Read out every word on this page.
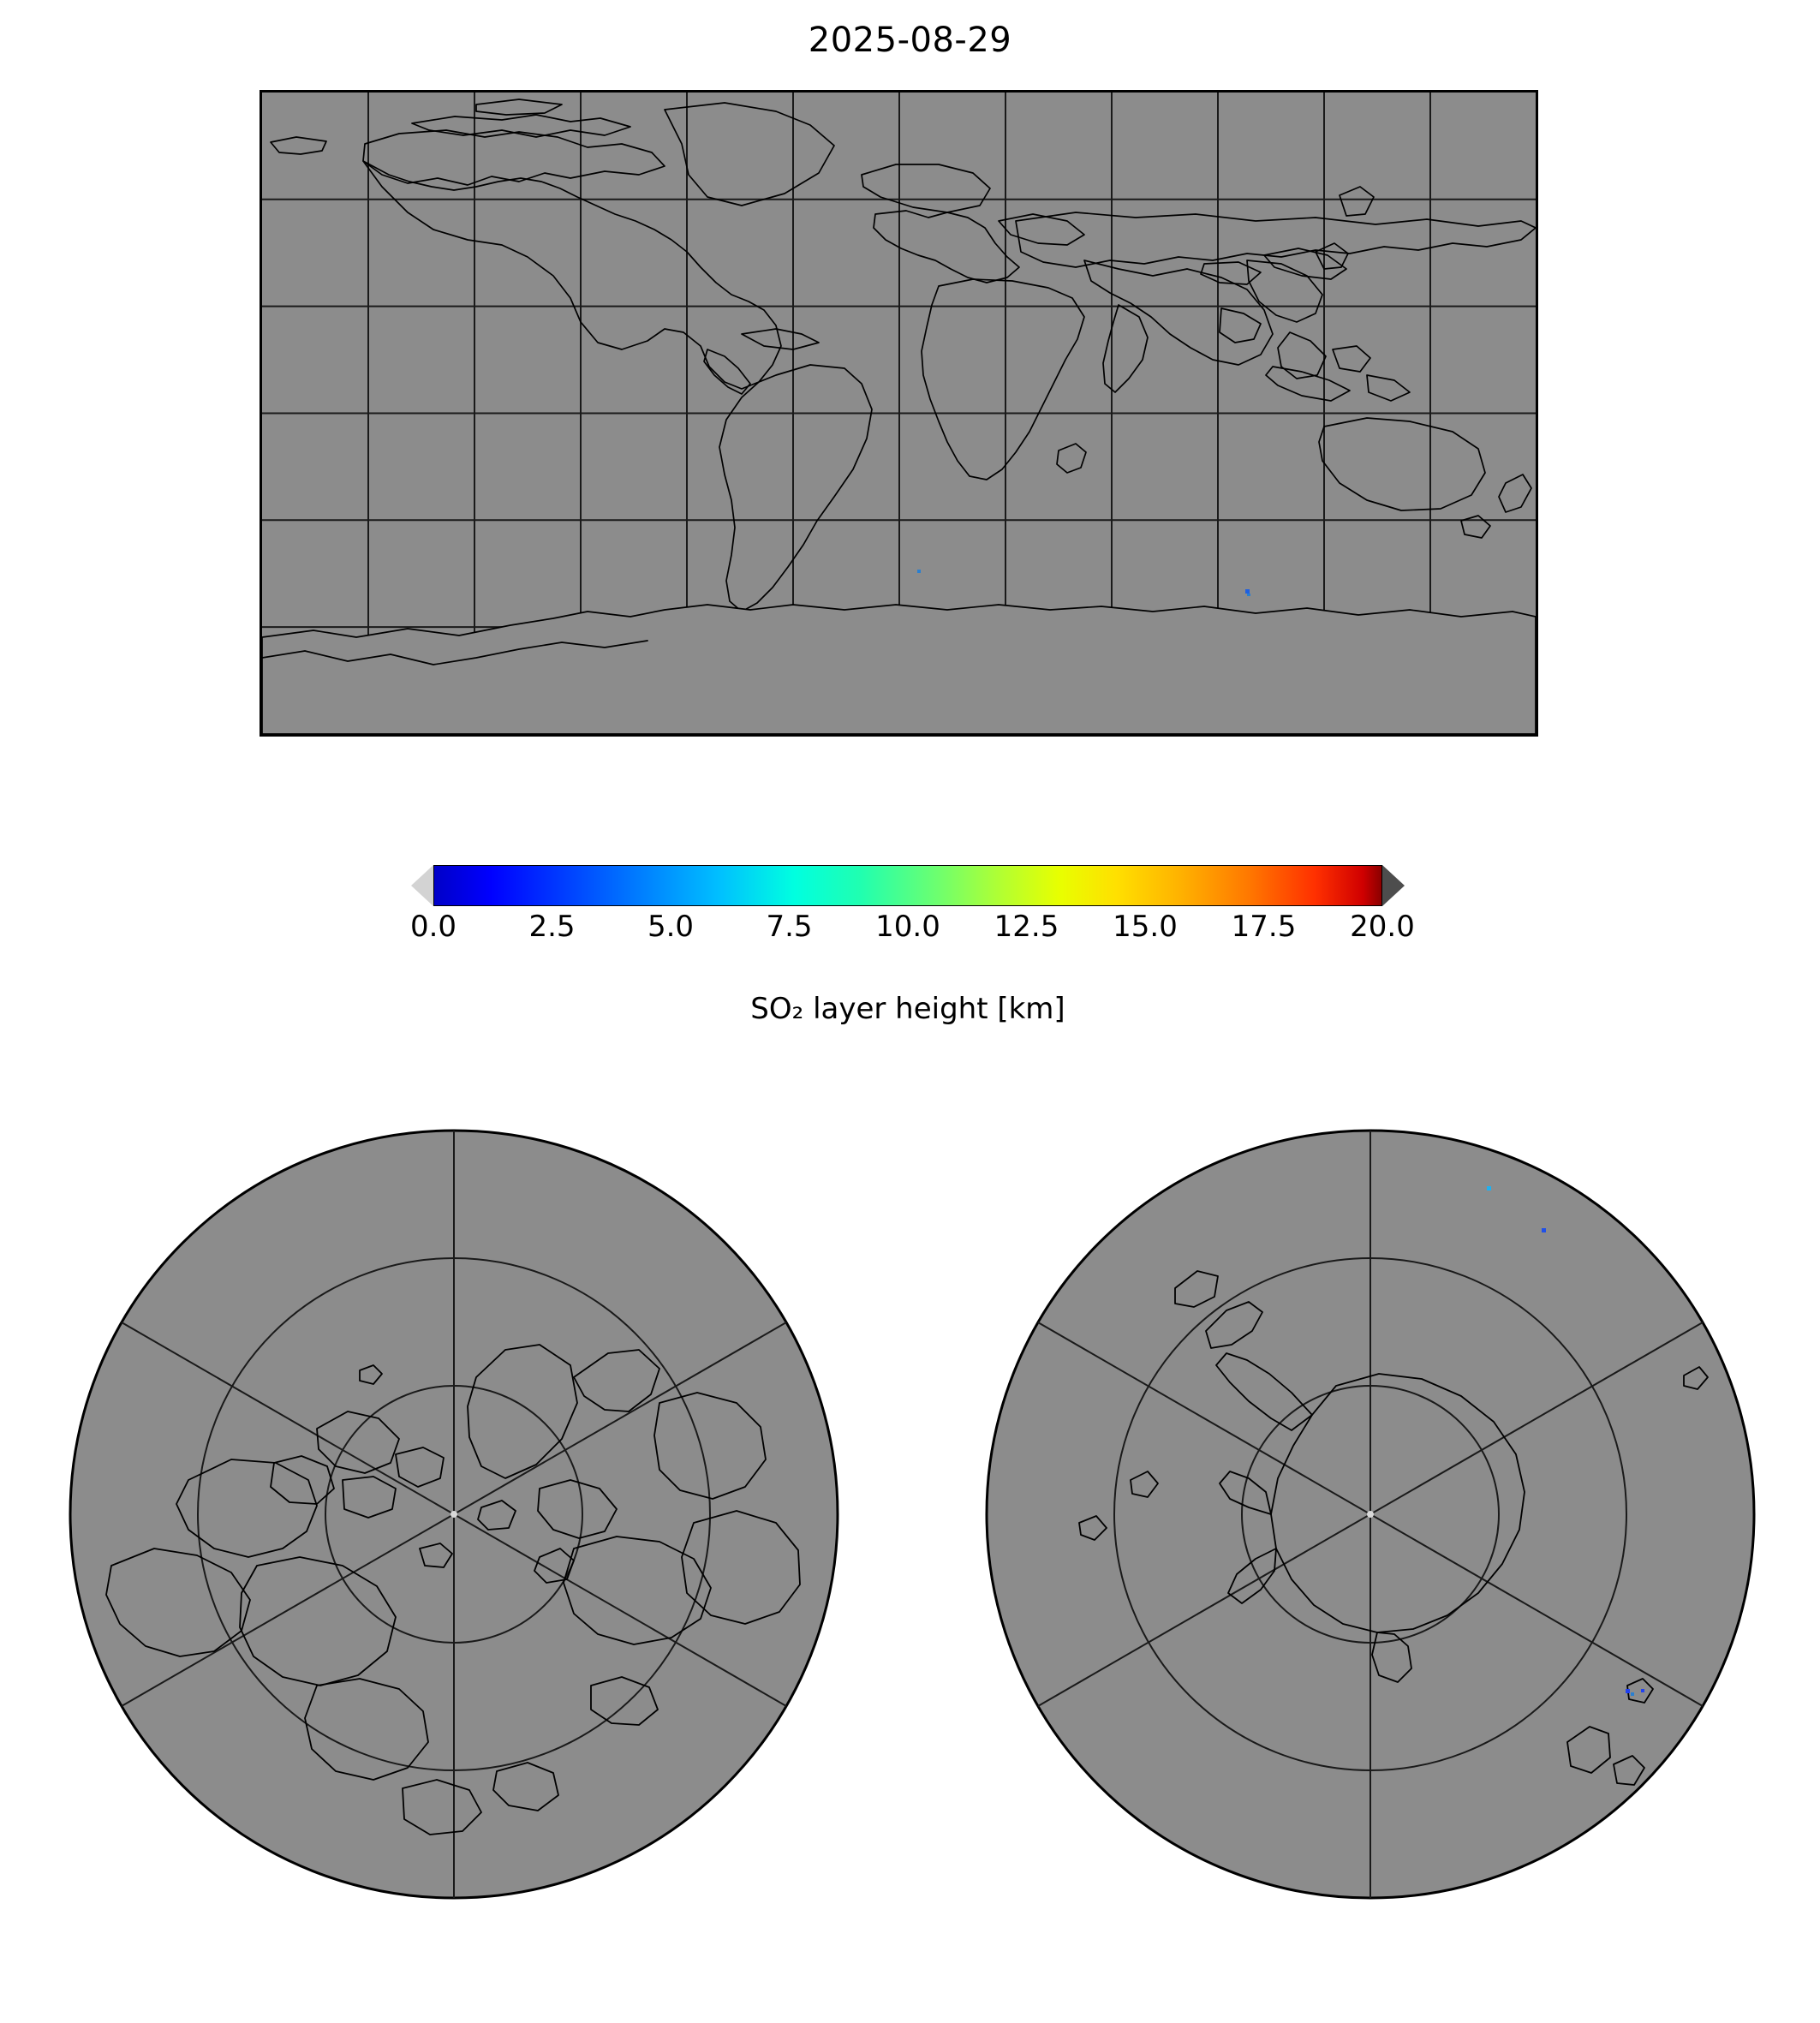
2025-08-29
0.0 2.5 5.0 7.5 10.0 12.5 15.0 17.5 20.0
SO₂ layer height [km]
